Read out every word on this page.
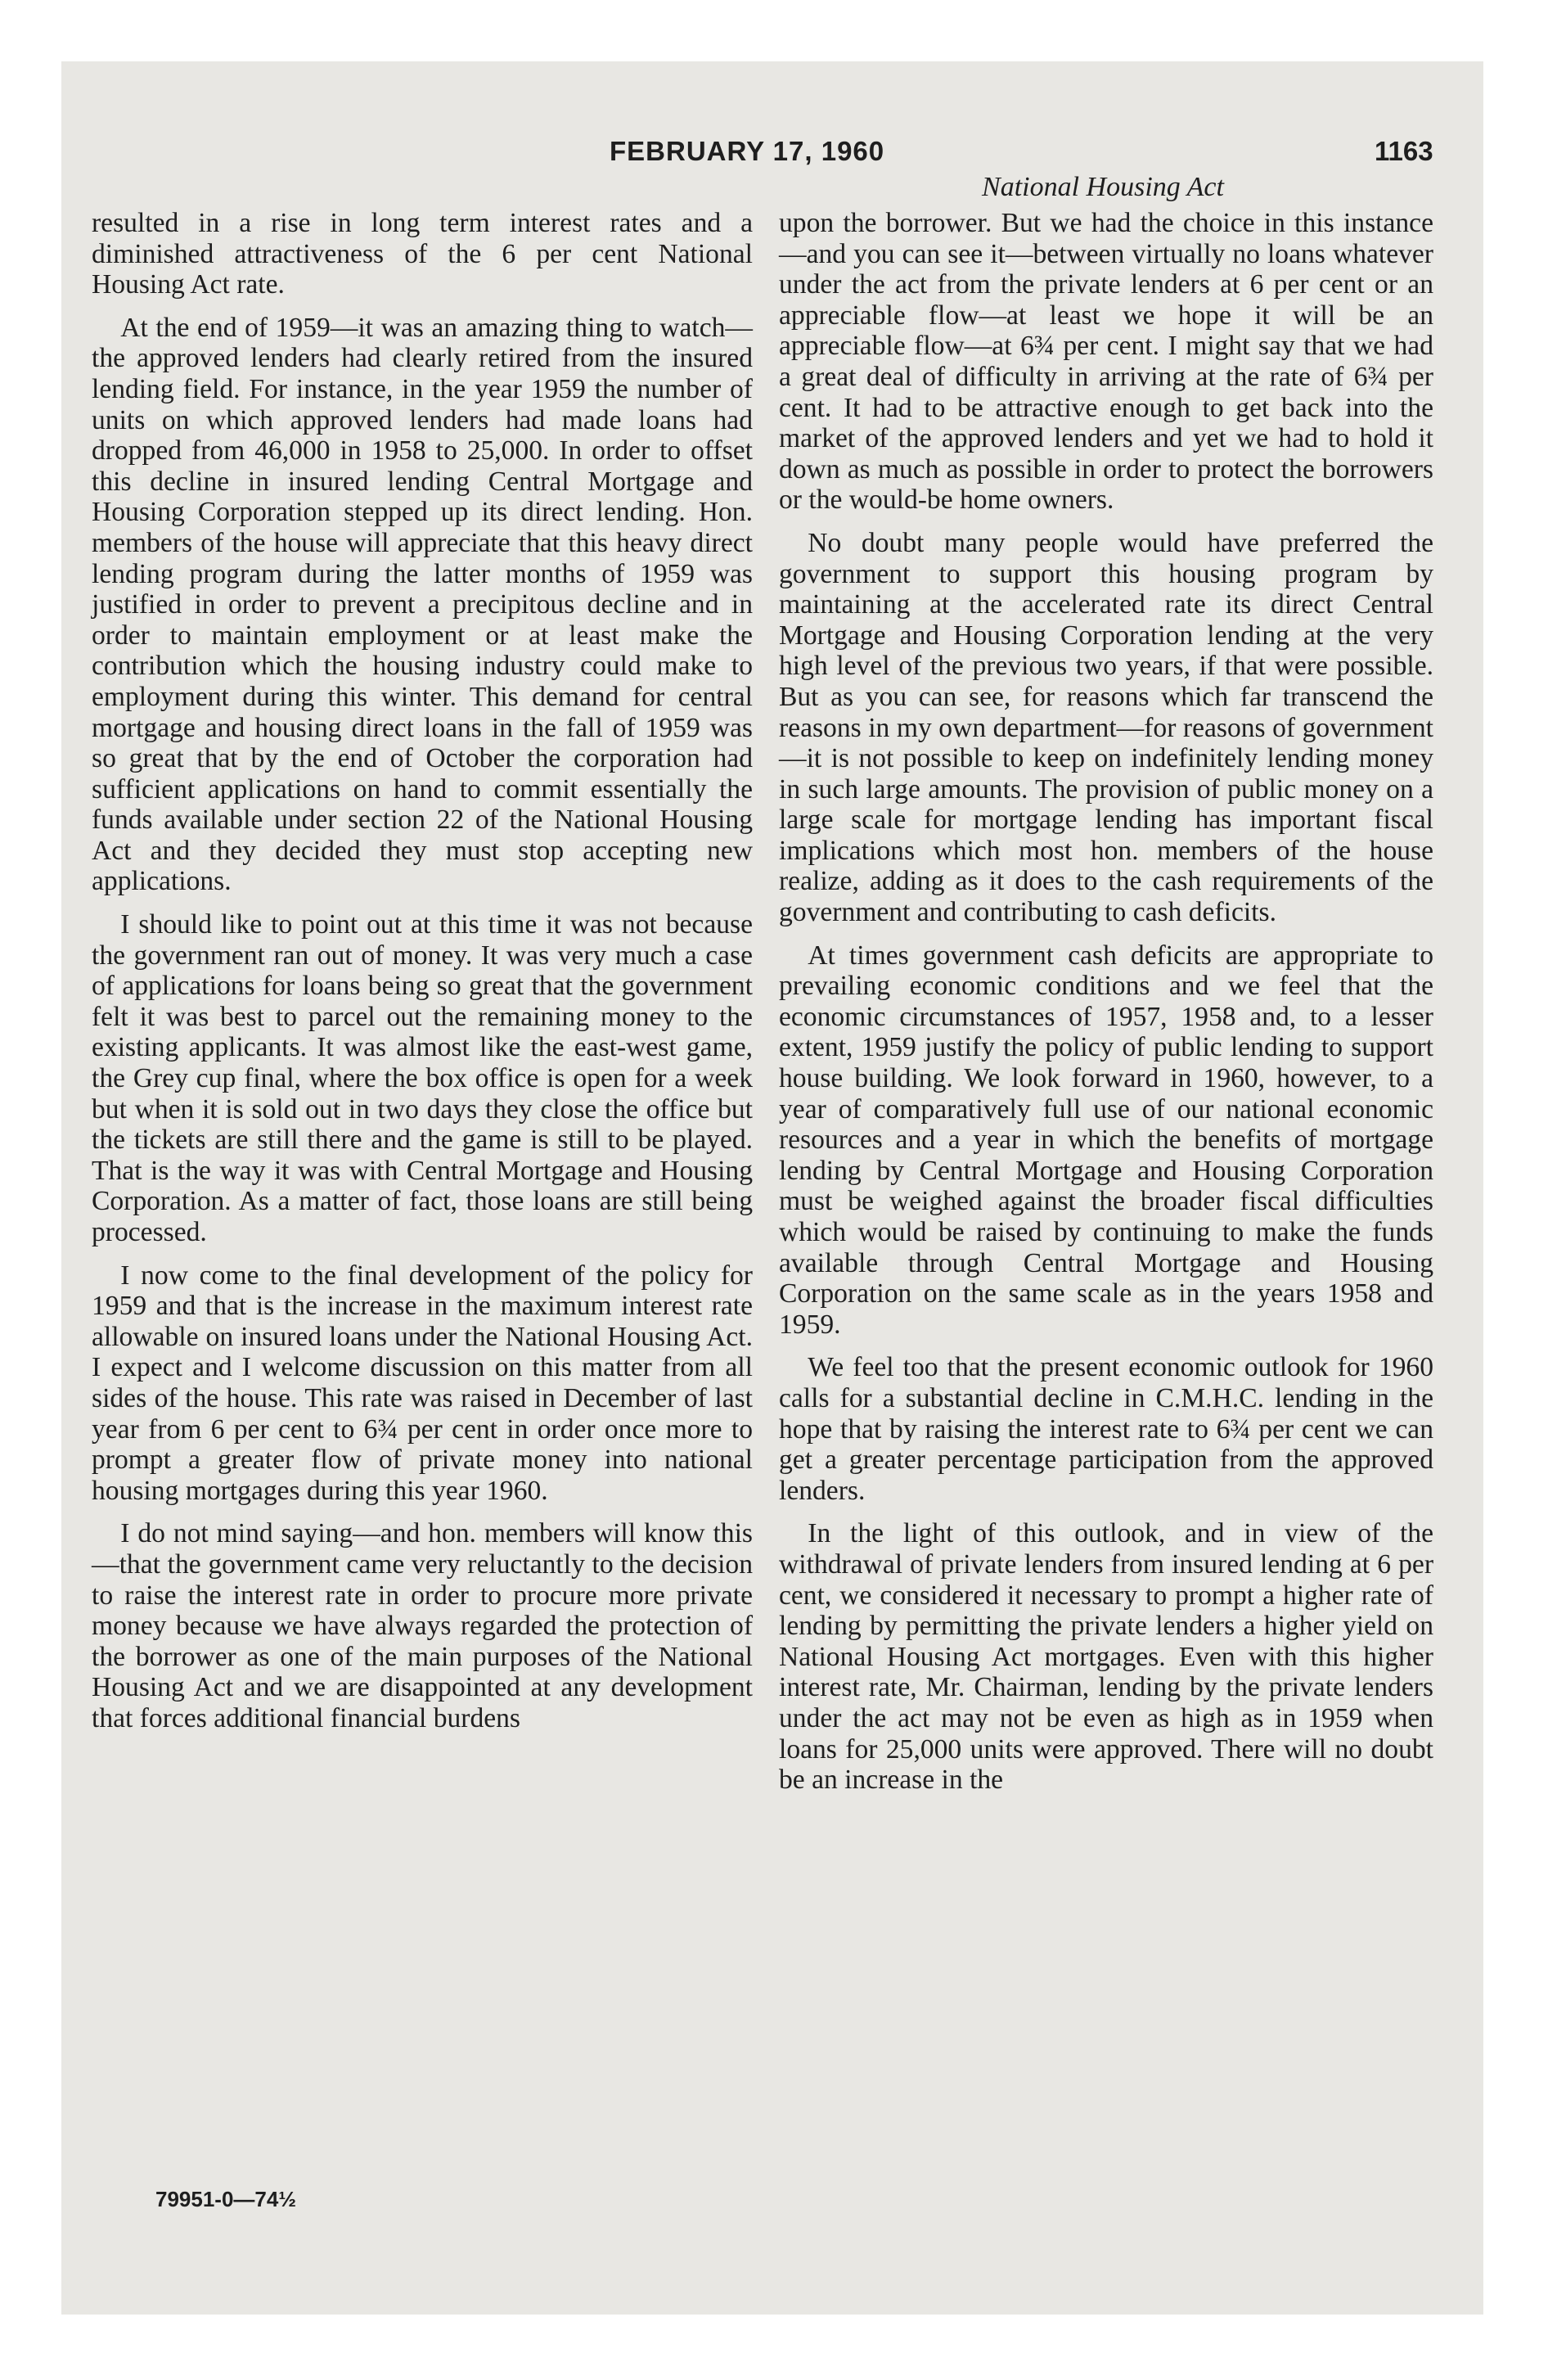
FEBRUARY 17, 1960	1163
National Housing Act

resulted in a rise in long term interest rates and a diminished attractiveness of the 6 per cent National Housing Act rate.

At the end of 1959—it was an amazing thing to watch—the approved lenders had clearly retired from the insured lending field. For instance, in the year 1959 the number of units on which approved lenders had made loans had dropped from 46,000 in 1958 to 25,000. In order to offset this decline in insured lending Central Mortgage and Housing Corporation stepped up its direct lending. Hon. members of the house will appreciate that this heavy direct lending program during the latter months of 1959 was justified in order to prevent a precipitous decline and in order to maintain employment or at least make the contribution which the housing industry could make to employment during this winter. This demand for central mortgage and housing direct loans in the fall of 1959 was so great that by the end of October the corporation had sufficient applications on hand to commit essentially the funds available under section 22 of the National Housing Act and they decided they must stop accepting new applications.

I should like to point out at this time it was not because the government ran out of money. It was very much a case of applications for loans being so great that the government felt it was best to parcel out the remaining money to the existing applicants. It was almost like the east-west game, the Grey cup final, where the box office is open for a week but when it is sold out in two days they close the office but the tickets are still there and the game is still to be played. That is the way it was with Central Mortgage and Housing Corporation. As a matter of fact, those loans are still being processed.

I now come to the final development of the policy for 1959 and that is the increase in the maximum interest rate allowable on insured loans under the National Housing Act. I expect and I welcome discussion on this matter from all sides of the house. This rate was raised in December of last year from 6 per cent to 6¾ per cent in order once more to prompt a greater flow of private money into national housing mortgages during this year 1960.

I do not mind saying—and hon. members will know this—that the government came very reluctantly to the decision to raise the interest rate in order to procure more private money because we have always regarded the protection of the borrower as one of the main purposes of the National Housing Act and we are disappointed at any development that forces additional financial burdens

upon the borrower. But we had the choice in this instance—and you can see it—between virtually no loans whatever under the act from the private lenders at 6 per cent or an appreciable flow—at least we hope it will be an appreciable flow—at 6¾ per cent. I might say that we had a great deal of difficulty in arriving at the rate of 6¾ per cent. It had to be attractive enough to get back into the market of the approved lenders and yet we had to hold it down as much as possible in order to protect the borrowers or the would-be home owners.

No doubt many people would have preferred the government to support this housing program by maintaining at the accelerated rate its direct Central Mortgage and Housing Corporation lending at the very high level of the previous two years, if that were possible. But as you can see, for reasons which far transcend the reasons in my own department—for reasons of government—it is not possible to keep on indefinitely lending money in such large amounts. The provision of public money on a large scale for mortgage lending has important fiscal implications which most hon. members of the house realize, adding as it does to the cash requirements of the government and contributing to cash deficits.

At times government cash deficits are appropriate to prevailing economic conditions and we feel that the economic circumstances of 1957, 1958 and, to a lesser extent, 1959 justify the policy of public lending to support house building. We look forward in 1960, however, to a year of comparatively full use of our national economic resources and a year in which the benefits of mortgage lending by Central Mortgage and Housing Corporation must be weighed against the broader fiscal difficulties which would be raised by continuing to make the funds available through Central Mortgage and Housing Corporation on the same scale as in the years 1958 and 1959.

We feel too that the present economic outlook for 1960 calls for a substantial decline in C.M.H.C. lending in the hope that by raising the interest rate to 6¾ per cent we can get a greater percentage participation from the approved lenders.

In the light of this outlook, and in view of the withdrawal of private lenders from insured lending at 6 per cent, we considered it necessary to prompt a higher rate of lending by permitting the private lenders a higher yield on National Housing Act mortgages. Even with this higher interest rate, Mr. Chairman, lending by the private lenders under the act may not be even as high as in 1959 when loans for 25,000 units were approved. There will no doubt be an increase in the

79951-0—74½
